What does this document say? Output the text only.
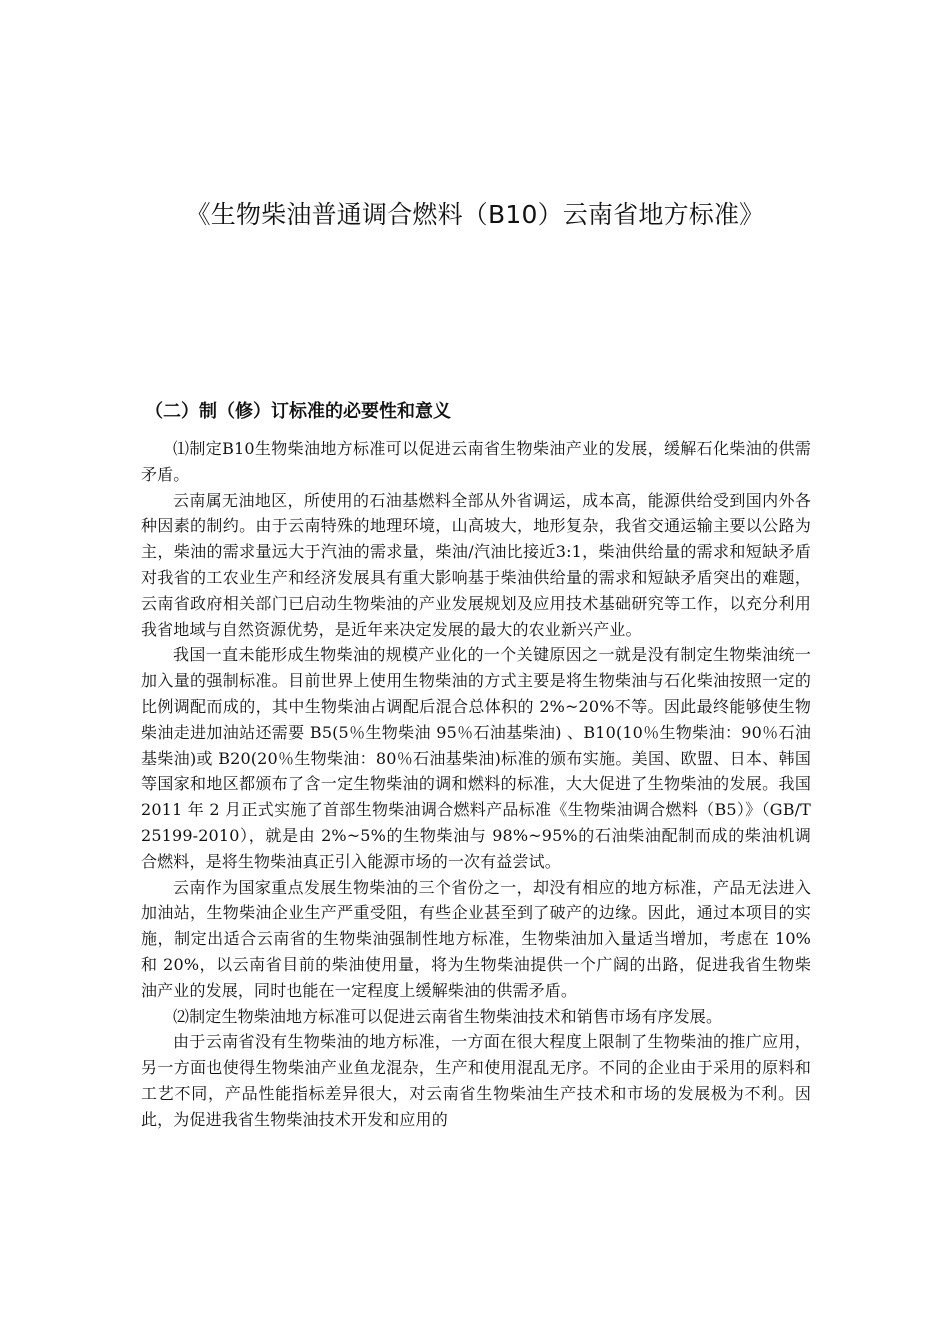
《生物柴油普通调合燃料（B10）云南省地方标准》
（二）制（修）订标准的必要性和意义

⑴制定B10生物柴油地方标准可以促进云南省生物柴油产业的发展，缓解石化柴油的供需矛盾。

云南属无油地区，所使用的石油基燃料全部从外省调运，成本高，能源供给受到国内外各种因素的制约。由于云南特殊的地理环境，山高坡大，地形复杂，我省交通运输主要以公路为主，柴油的需求量远大于汽油的需求量，柴油/汽油比接近3:1，柴油供给量的需求和短缺矛盾对我省的工农业生产和经济发展具有重大影响基于柴油供给量的需求和短缺矛盾突出的难题，云南省政府相关部门已启动生物柴油的产业发展规划及应用技术基础研究等工作，以充分利用我省地域与自然资源优势，是近年来决定发展的最大的农业新兴产业。

我国一直未能形成生物柴油的规模产业化的一个关键原因之一就是没有制定生物柴油统一加入量的强制标准。目前世界上使用生物柴油的方式主要是将生物柴油与石化柴油按照一定的比例调配而成的，其中生物柴油占调配后混合总体积的 2%~20%不等。因此最终能够使生物柴油走进加油站还需要 B5(5％生物柴油 95％石油基柴油) 、B10(10％生物柴油：90％石油基柴油)或 B20(20％生物柴油：80％石油基柴油)标准的颁布实施。美国、欧盟、日本、韩国等国家和地区都颁布了含一定生物柴油的调和燃料的标准，大大促进了生物柴油的发展。我国 2011 年 2 月正式实施了首部生物柴油调合燃料产品标准《生物柴油调合燃料（B5）》（GB/T 25199-2010），就是由 2%~5%的生物柴油与 98%~95%的石油柴油配制而成的柴油机调合燃料，是将生物柴油真正引入能源市场的一次有益尝试。

云南作为国家重点发展生物柴油的三个省份之一，却没有相应的地方标准，产品无法进入加油站，生物柴油企业生产严重受阻，有些企业甚至到了破产的边缘。因此，通过本项目的实施，制定出适合云南省的生物柴油强制性地方标准，生物柴油加入量适当增加，考虑在 10%和 20%，以云南省目前的柴油使用量，将为生物柴油提供一个广阔的出路，促进我省生物柴油产业的发展，同时也能在一定程度上缓解柴油的供需矛盾。

⑵制定生物柴油地方标准可以促进云南省生物柴油技术和销售市场有序发展。

由于云南省没有生物柴油的地方标准，一方面在很大程度上限制了生物柴油的推广应用，另一方面也使得生物柴油产业鱼龙混杂，生产和使用混乱无序。不同的企业由于采用的原料和工艺不同，产品性能指标差异很大，对云南省生物柴油生产技术和市场的发展极为不利。因此，为促进我省生物柴油技术开发和应用的
